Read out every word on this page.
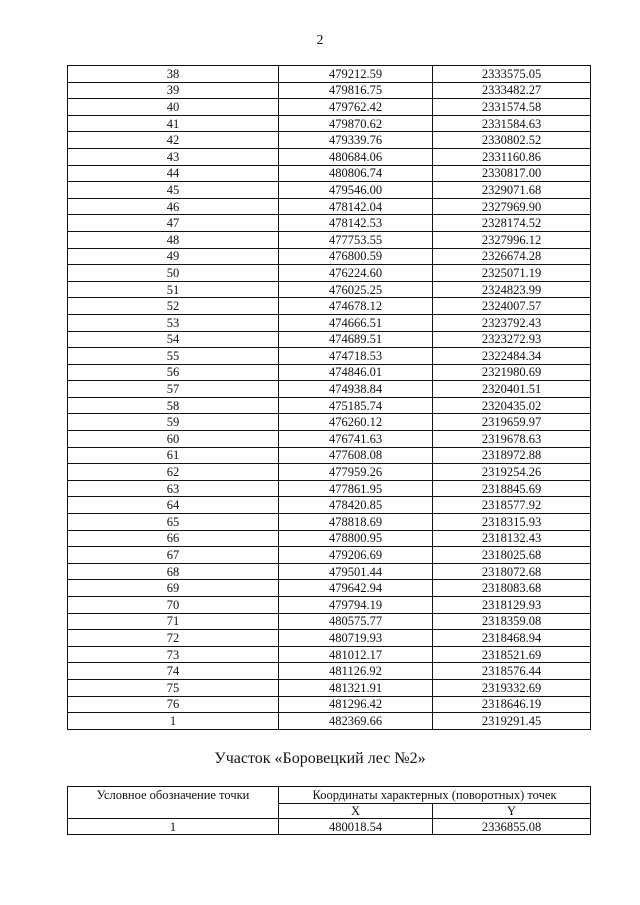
2
38	479212.59	2333575.05
39	479816.75	2333482.27
40	479762.42	2331574.58
41	479870.62	2331584.63
42	479339.76	2330802.52
43	480684.06	2331160.86
44	480806.74	2330817.00
45	479546.00	2329071.68
46	478142.04	2327969.90
47	478142.53	2328174.52
48	477753.55	2327996.12
49	476800.59	2326674.28
50	476224.60	2325071.19
51	476025.25	2324823.99
52	474678.12	2324007.57
53	474666.51	2323792.43
54	474689.51	2323272.93
55	474718.53	2322484.34
56	474846.01	2321980.69
57	474938.84	2320401.51
58	475185.74	2320435.02
59	476260.12	2319659.97
60	476741.63	2319678.63
61	477608.08	2318972.88
62	477959.26	2319254.26
63	477861.95	2318845.69
64	478420.85	2318577.92
65	478818.69	2318315.93
66	478800.95	2318132.43
67	479206.69	2318025.68
68	479501.44	2318072.68
69	479642.94	2318083.68
70	479794.19	2318129.93
71	480575.77	2318359.08
72	480719.93	2318468.94
73	481012.17	2318521.69
74	481126.92	2318576.44
75	481321.91	2319332.69
76	481296.42	2318646.19
1	482369.66	2319291.45
Участок «Боровецкий лес №2»
Условное обозначение точки	Координаты характерных (поворотных) точек	
	X	Y
1	480018.54	2336855.08
